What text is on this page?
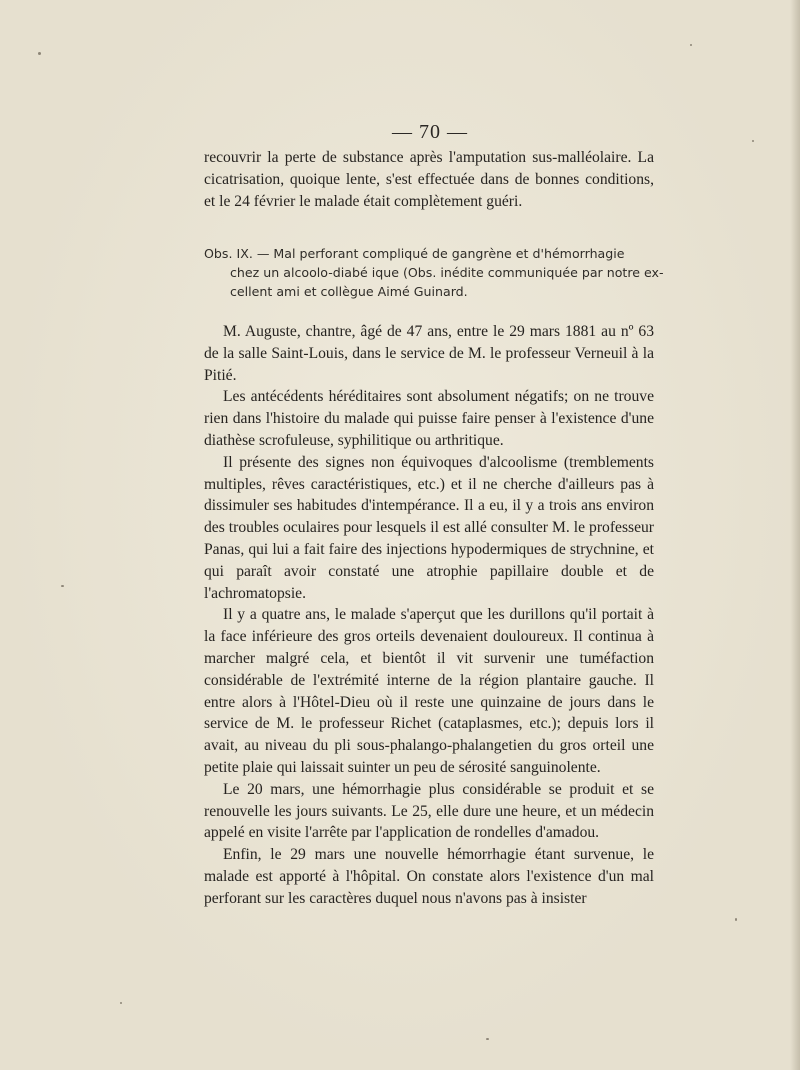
— 70 —

recouvrir la perte de substance après l'amputation sus-malléolaire. La cicatrisation, quoique lente, s'est effectuée dans de bonnes conditions, et le 24 février le malade était complètement guéri.

Obs. IX. — Mal perforant compliqué de gangrène et d'hémorrhagie
chez un alcoolo-diabé ique (Obs. inédite communiquée par notre ex-
cellent ami et collègue Aimé Guinard.

M. Auguste, chantre, âgé de 47 ans, entre le 29 mars 1881 au nº 63 de la salle Saint-Louis, dans le service de M. le professeur Verneuil à la Pitié.

Les antécédents héréditaires sont absolument négatifs; on ne trouve rien dans l'histoire du malade qui puisse faire penser à l'existence d'une diathèse scrofuleuse, syphilitique ou arthritique.

Il présente des signes non équivoques d'alcoolisme (tremblements multiples, rêves caractéristiques, etc.) et il ne cherche d'ailleurs pas à dissimuler ses habitudes d'intempérance. Il a eu, il y a trois ans environ des troubles oculaires pour lesquels il est allé consulter M. le professeur Panas, qui lui a fait faire des injections hypodermiques de strychnine, et qui paraît avoir constaté une atrophie papillaire double et de l'achromatopsie.

Il y a quatre ans, le malade s'aperçut que les durillons qu'il portait à la face inférieure des gros orteils devenaient douloureux. Il continua à marcher malgré cela, et bientôt il vit survenir une tuméfaction considérable de l'extrémité interne de la région plantaire gauche. Il entre alors à l'Hôtel-Dieu où il reste une quinzaine de jours dans le service de M. le professeur Richet (cataplasmes, etc.); depuis lors il avait, au niveau du pli sous-phalango-phalangetien du gros orteil une petite plaie qui laissait suinter un peu de sérosité sanguinolente.

Le 20 mars, une hémorrhagie plus considérable se produit et se renouvelle les jours suivants. Le 25, elle dure une heure, et un médecin appelé en visite l'arrête par l'application de rondelles d'amadou.

Enfin, le 29 mars une nouvelle hémorrhagie étant survenue, le malade est apporté à l'hôpital. On constate alors l'existence d'un mal perforant sur les caractères duquel nous n'avons pas à insister
